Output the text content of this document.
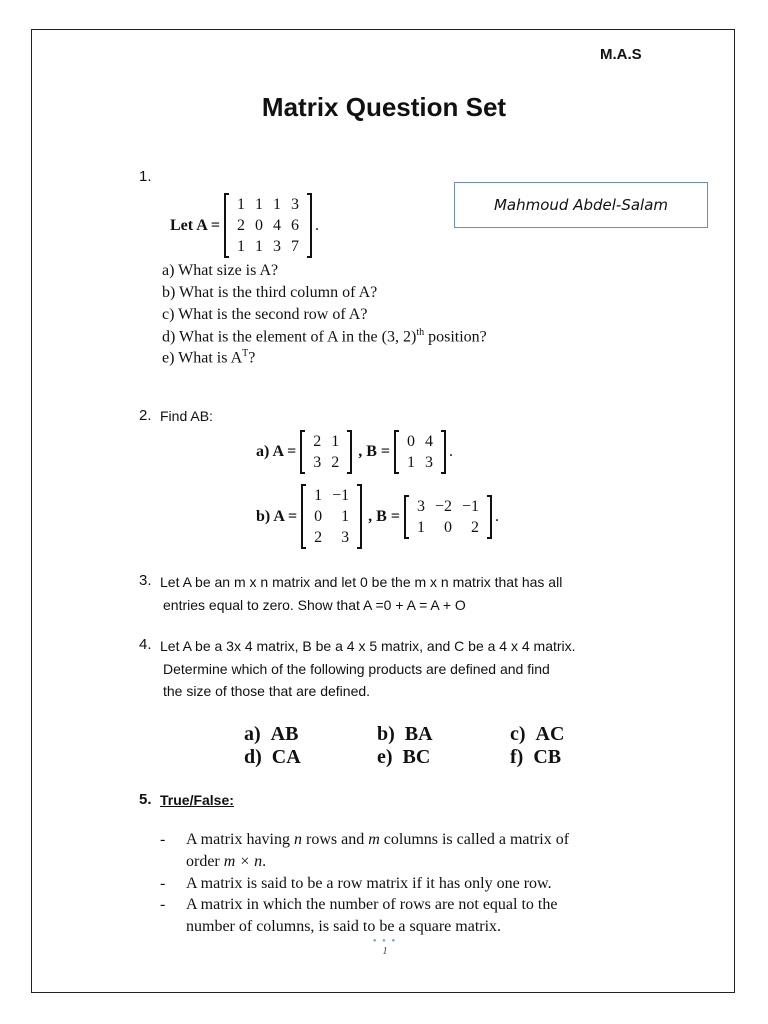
M.A.S
Matrix Question Set
Mahmoud Abdel-Salam
1.
Let A =
1 1 1 3
2 0 4 6
1 1 3 7
.
a) What size is A?
b) What is the third column of A?
c) What is the second row of A?
d) What is the element of A in the (3, 2)$^{th}$ position?
e) What is $A^T$?
2. Find AB:
a) A =
2 1
3 2
, B =
0 4
1 3
.
b) A =
1 −1
0	1
2	3
, B =
3 −2 −1
1	0	2
.
3. Let A be an m x n matrix and let 0 be the m x n matrix that has all
entries equal to zero. Show that A =0 + A = A + O
4. Let A be a 3x 4 matrix, B be a 4 x 5 matrix, and C be a 4 x 4 matrix.
Determine which of the following products are defined and find
the size of those that are defined.
a) AB	b) BA	c) AC
d) CA	e) BC	f) CB
5. True/False:
- A matrix having n rows and m columns is called a matrix of
order m × n.
- A matrix is said to be a row matrix if it has only one row.
- A matrix in which the number of rows are not equal to the
number of columns, is said to be a square matrix.
● ● ●
1
